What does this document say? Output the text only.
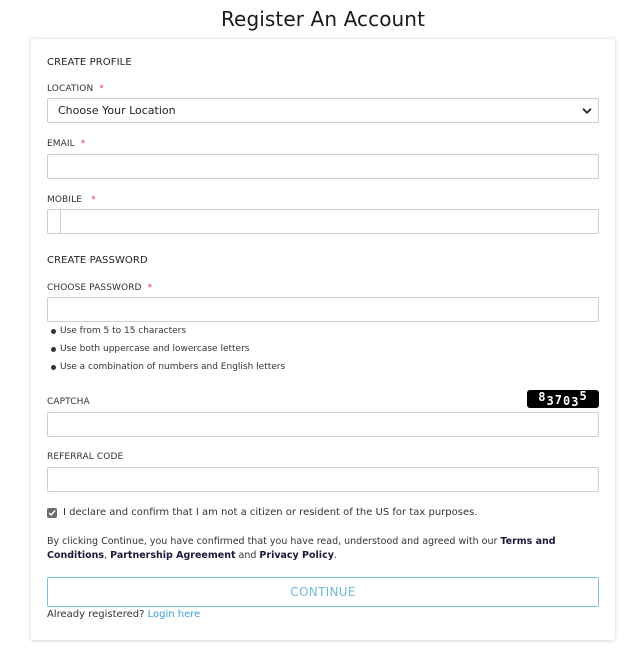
Register An Account
CREATE PROFILE
LOCATION *
Choose Your Location
EMAIL *
MOBILE *
CREATE PASSWORD
CHOOSE PASSWORD *
Use from 5 to 15 characters
Use both uppercase and lowercase letters
Use a combination of numbers and English letters
CAPTCHA	8 3 7 0 3 5
REFERRAL CODE
I declare and confirm that I am not a citizen or resident of the US for tax purposes.
By clicking Continue, you have confirmed that you have read, understood and agreed with our Terms and Conditions, Partnership Agreement and Privacy Policy.
CONTINUE
Already registered? Login here
